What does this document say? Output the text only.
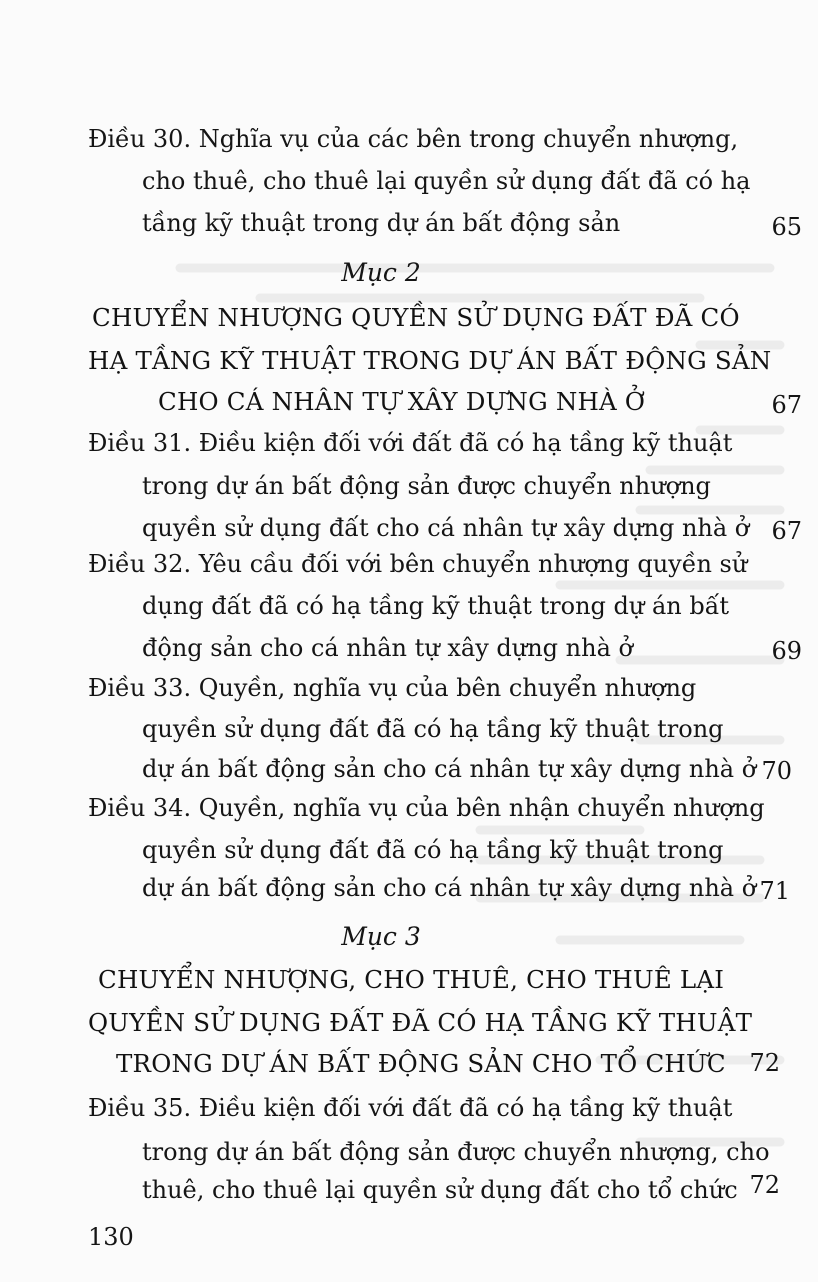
Điều 30. Nghĩa vụ của các bên trong chuyển nhượng,
cho thuê, cho thuê lại quyền sử dụng đất đã có hạ
tầng kỹ thuật trong dự án bất động sản	65
Mục 2
CHUYỂN NHƯỢNG QUYỀN SỬ DỤNG ĐẤT ĐÃ CÓ
HẠ TẦNG KỸ THUẬT TRONG DỰ ÁN BẤT ĐỘNG SẢN
CHO CÁ NHÂN TỰ XÂY DỰNG NHÀ Ở	67
Điều 31. Điều kiện đối với đất đã có hạ tầng kỹ thuật
trong dự án bất động sản được chuyển nhượng
quyền sử dụng đất cho cá nhân tự xây dựng nhà ở 67
Điều 32. Yêu cầu đối với bên chuyển nhượng quyền sử
dụng đất đã có hạ tầng kỹ thuật trong dự án bất
động sản cho cá nhân tự xây dựng nhà ở	69
Điều 33. Quyền, nghĩa vụ của bên chuyển nhượng
quyền sử dụng đất đã có hạ tầng kỹ thuật trong
dự án bất động sản cho cá nhân tự xây dựng nhà ở 70
Điều 34. Quyền, nghĩa vụ của bên nhận chuyển nhượng
quyền sử dụng đất đã có hạ tầng kỹ thuật trong
dự án bất động sản cho cá nhân tự xây dựng nhà ở 71
Mục 3
CHUYỂN NHƯỢNG, CHO THUÊ, CHO THUÊ LẠI
QUYỀN SỬ DỤNG ĐẤT ĐÃ CÓ HẠ TẦNG KỸ THUẬT
TRONG DỰ ÁN BẤT ĐỘNG SẢN CHO TỔ CHỨC 72
Điều 35. Điều kiện đối với đất đã có hạ tầng kỹ thuật
trong dự án bất động sản được chuyển nhượng, cho
thuê, cho thuê lại quyền sử dụng đất cho tổ chức 72
130
